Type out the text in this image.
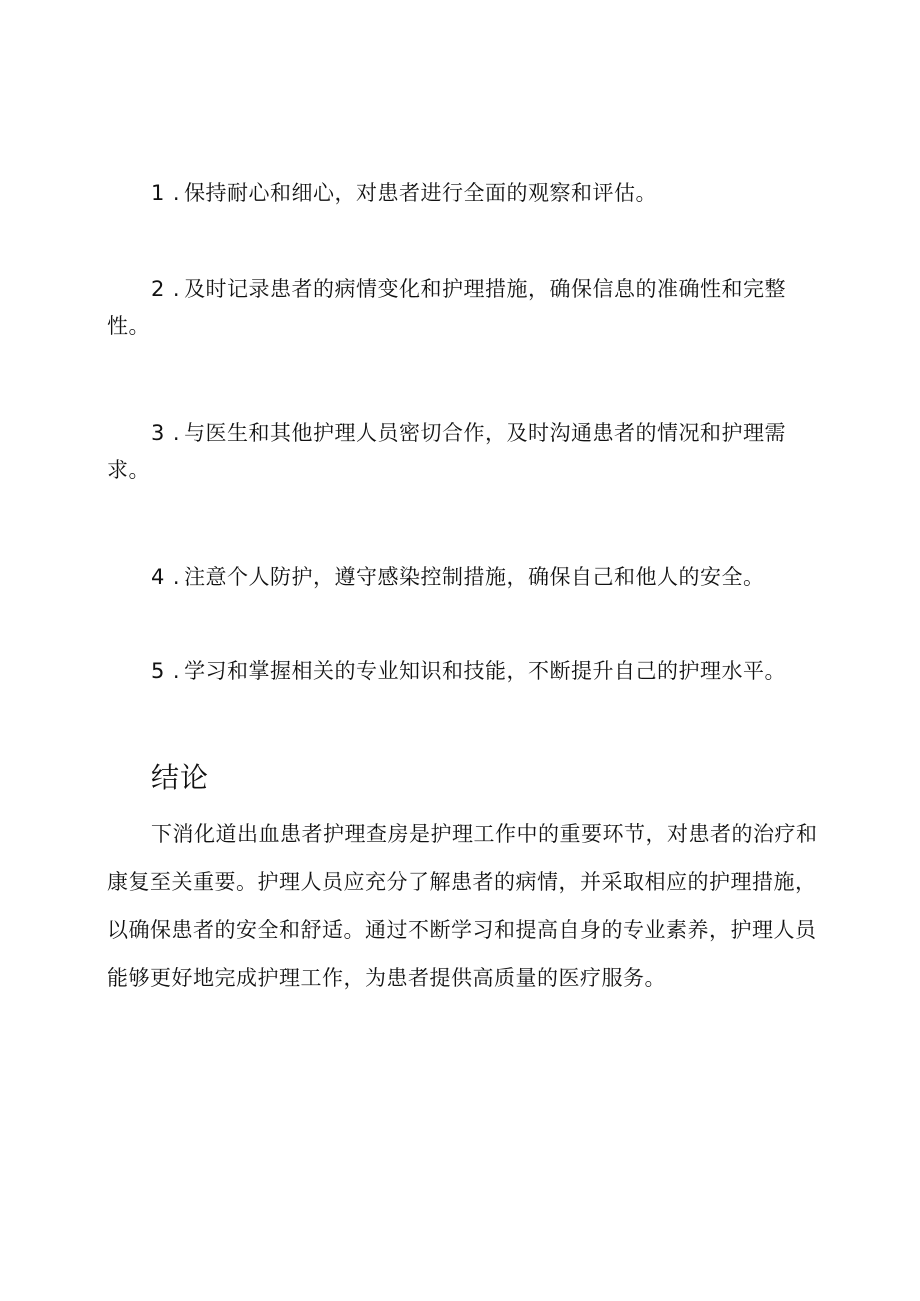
1 . 保持耐心和细心，对患者进行全面的观察和评估。

2 . 及时记录患者的病情变化和护理措施，确保信息的准确性和完整性。

3 . 与医生和其他护理人员密切合作，及时沟通患者的情况和护理需求。

4 . 注意个人防护，遵守感染控制措施，确保自己和他人的安全。

5 . 学习和掌握相关的专业知识和技能，不断提升自己的护理水平。

结论

下消化道出血患者护理查房是护理工作中的重要环节，对患者的治疗和康复至关重要。护理人员应充分了解患者的病情，并采取相应的护理措施，以确保患者的安全和舒适。通过不断学习和提高自身的专业素养，护理人员能够更好地完成护理工作，为患者提供高质量的医疗服务。
